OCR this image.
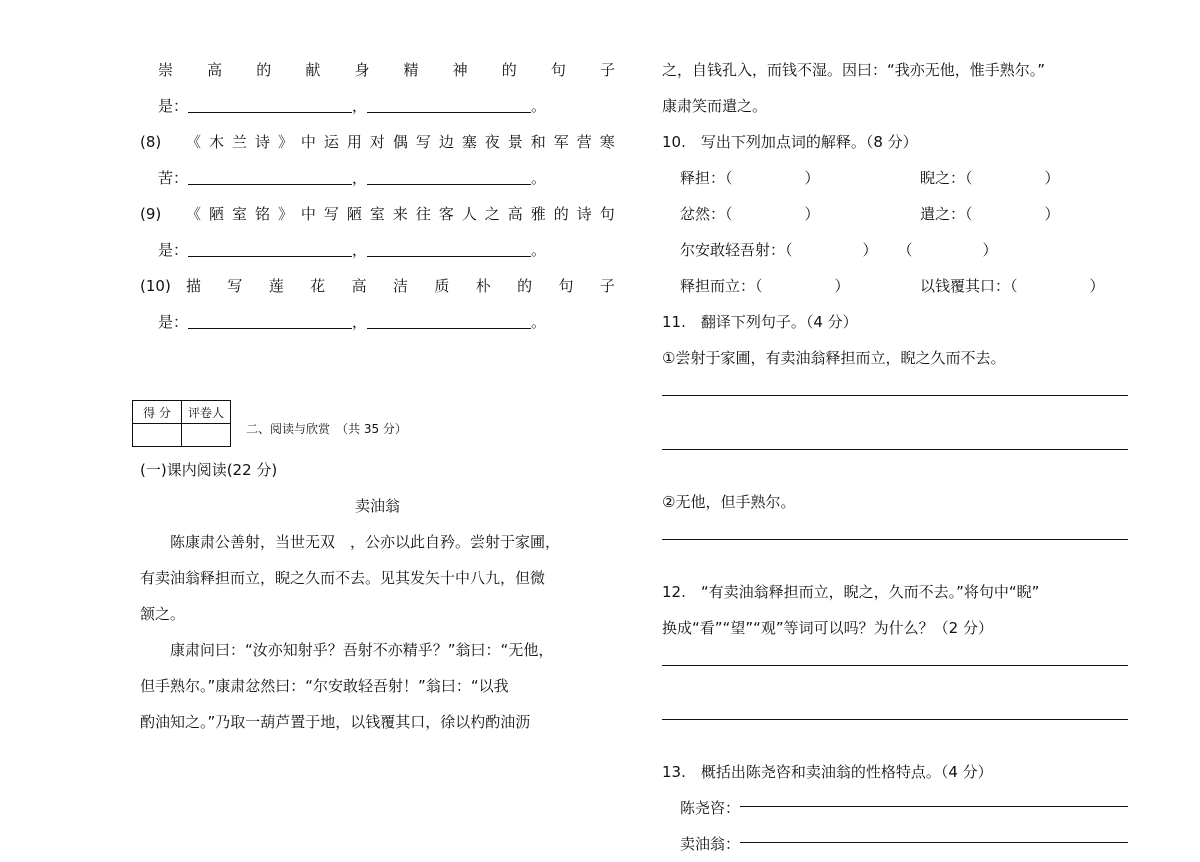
崇 高 的 献 身 精 神 的 句 子
是：	，	。
(8)	《 木 兰 诗 》 中 运 用 对 偶 写 边 塞 夜 景 和 军 营 寒
苦：	，	。
(9)	《 陋 室 铭 》 中 写 陋 室 来 往 客 人 之 高 雅 的 诗 句
是：	，	。
(10)	描 写 莲 花 高 洁 质 朴 的 句 子
是：	，	。
得 分	评卷人

二、阅读与欣赏　（共 35 分）
(一)课内阅读(22 分)
卖油翁
陈康肃公善射，当世无双　，公亦以此自矜。尝射于家圃，
有卖油翁释担而立，睨之久而不去。见其发矢十中八九，但微
颔之。
康肃问曰：“汝亦知射乎？吾射不亦精乎？”翁曰：“无他，
但手熟尔。”康肃忿然曰：“尔安敢轻吾射！”翁曰：“以我
酌油知之。”乃取一葫芦置于地，以钱覆其口，徐以杓酌油沥
之，自钱孔入，而钱不湿。因曰：“我亦无他，惟手熟尔。”
康肃笑而遣之。
10.　写出下列加点词的解释。（8 分）
释担：（	）	睨之：（	）
忿然：（	）	遣之：（	）
尔安敢轻吾射：（	） （	）
释担而立：（	）	以钱覆其口：（	）
11.　翻译下列句子。（4 分）
①尝射于家圃，有卖油翁释担而立，睨之久而不去。
②无他，但手熟尔。
12.　“有卖油翁释担而立，睨之，久而不去。”将句中“睨”
换成“看”“望”“观”等词可以吗？为什么？（2 分）
13.　概括出陈尧咨和卖油翁的性格特点。（4 分）
陈尧咨：
卖油翁：
